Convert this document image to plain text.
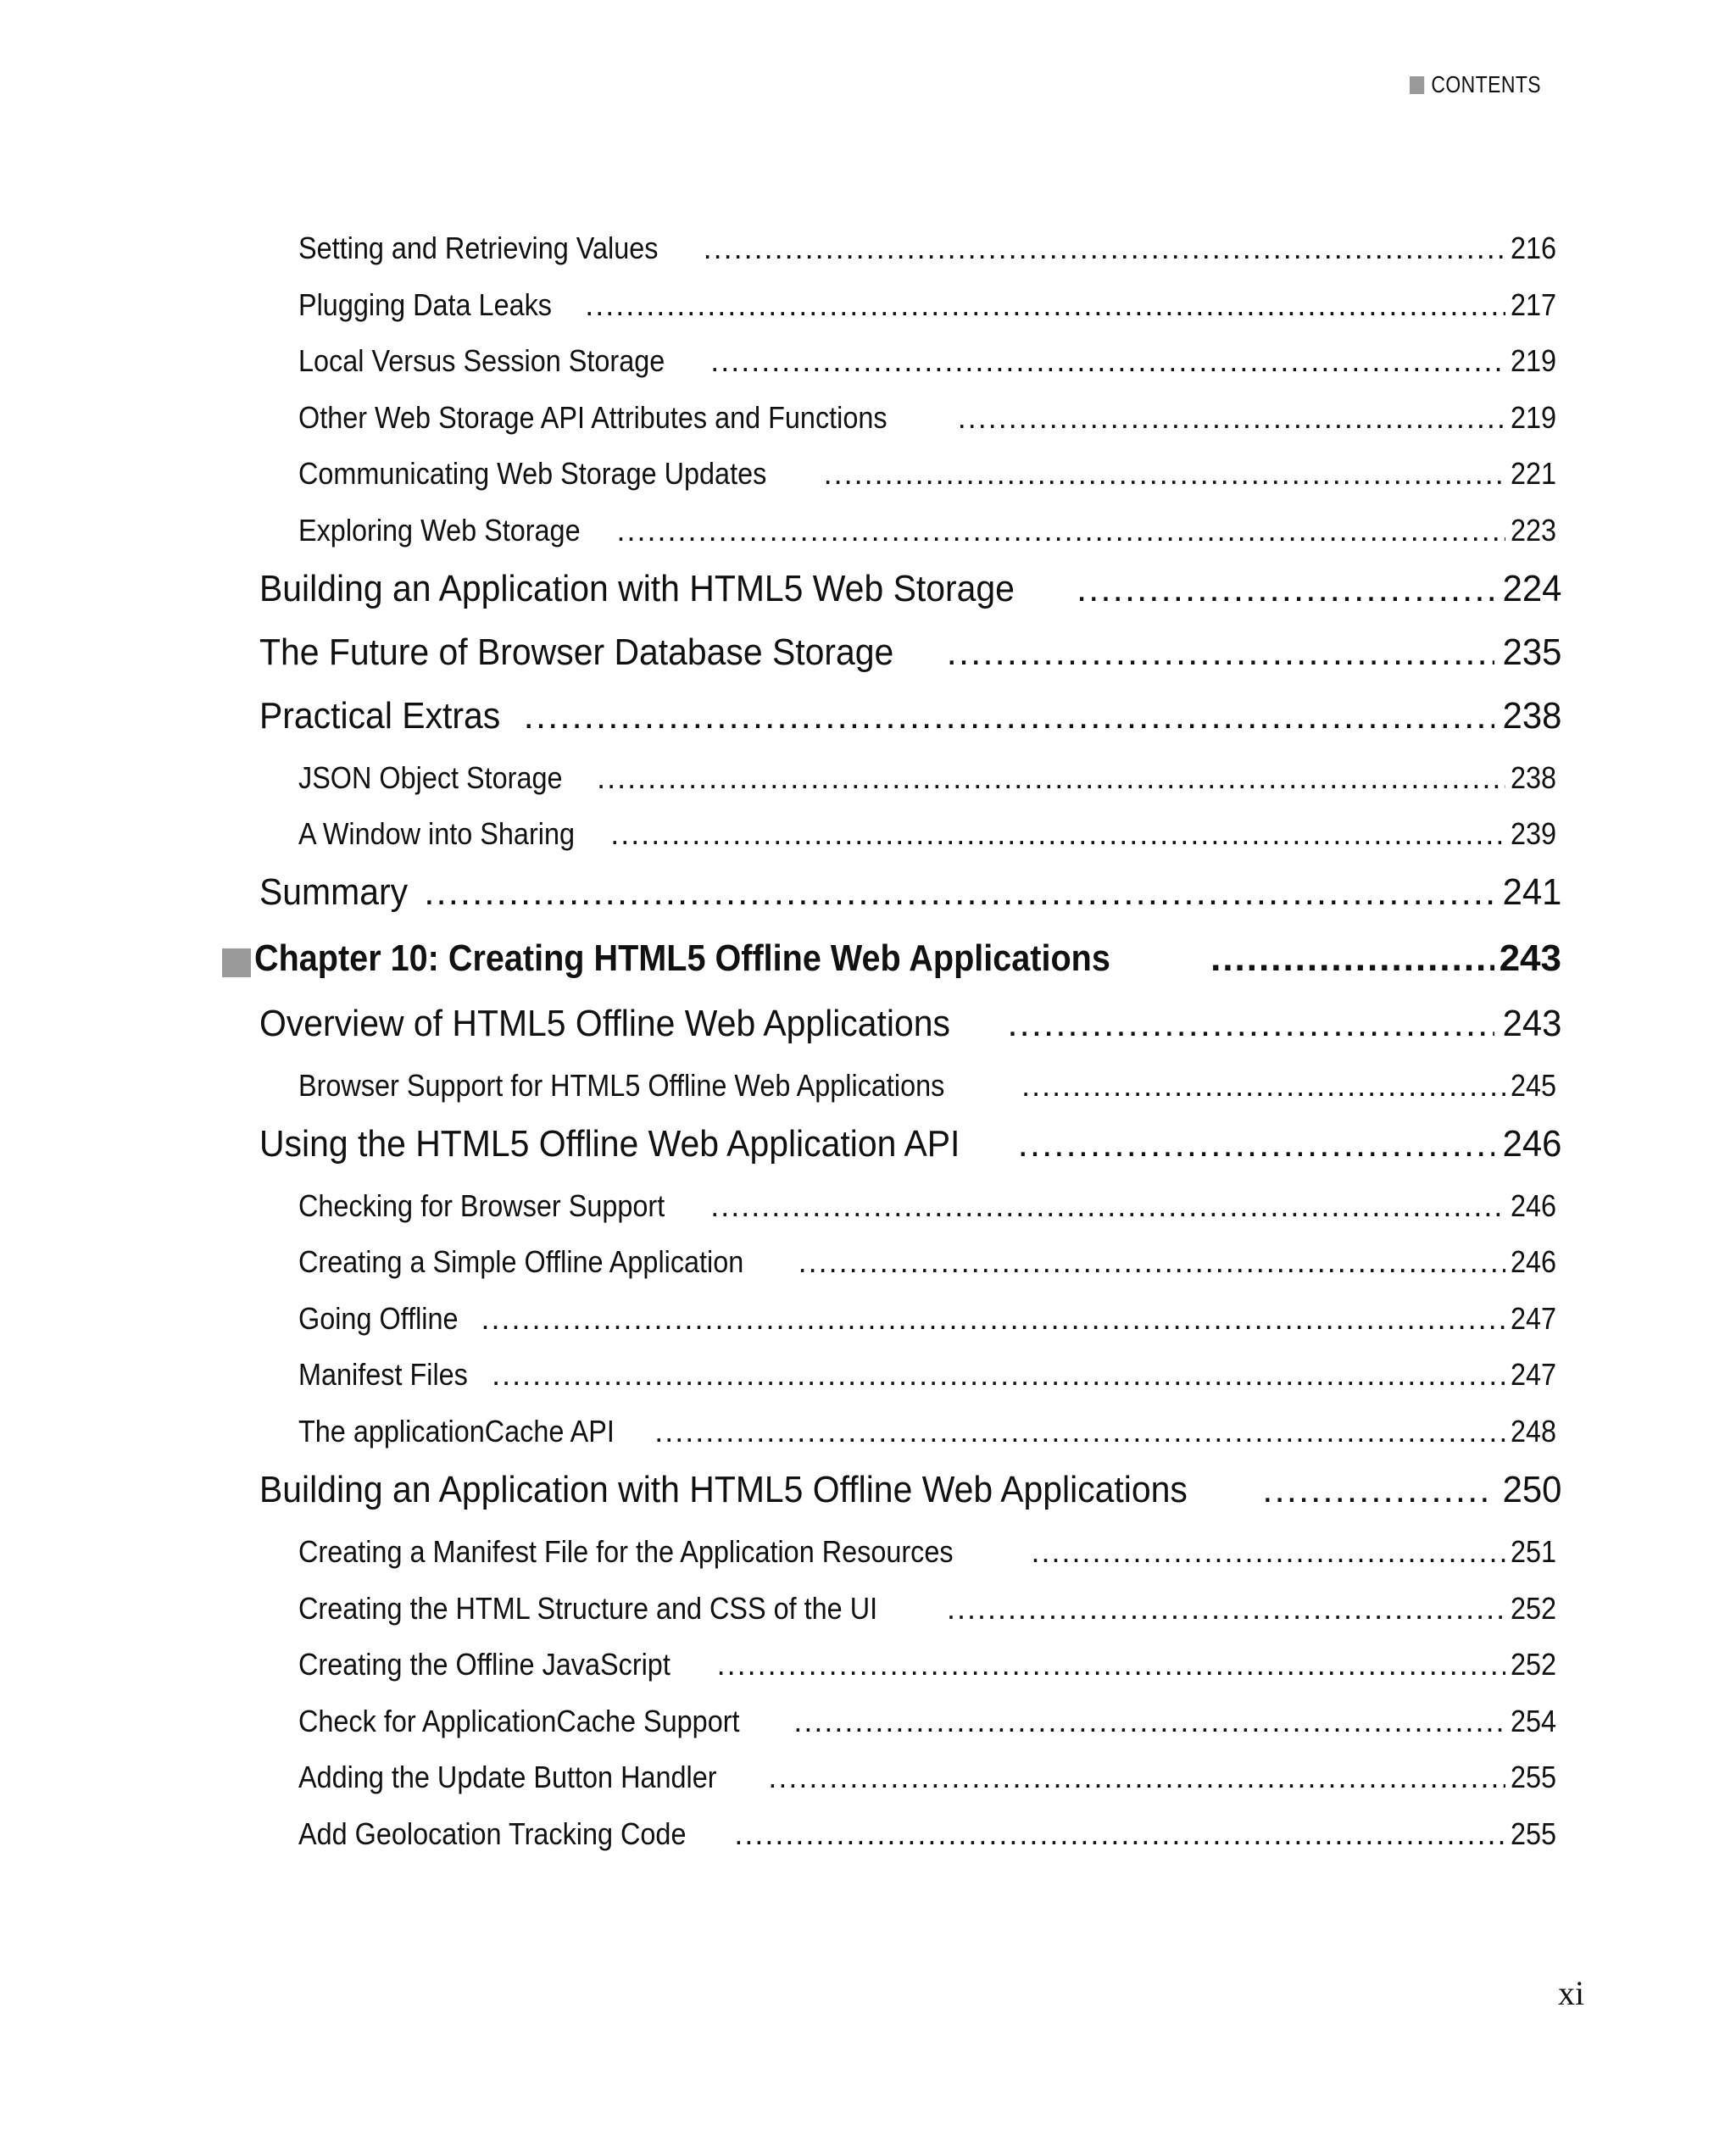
CONTENTS
Setting and Retrieving Values .....	216
Plugging Data Leaks .....	217
Local Versus Session Storage .....	219
Other Web Storage API Attributes and Functions .....	219
Communicating Web Storage Updates .....	221
Exploring Web Storage .....	223
Building an Application with HTML5 Web Storage .....	224
The Future of Browser Database Storage .....	235
Practical Extras .....	238
JSON Object Storage .....	238
A Window into Sharing .....	239
Summary .....	241
Chapter 10: Creating HTML5 Offline Web Applications .....	243
Overview of HTML5 Offline Web Applications .....	243
Browser Support for HTML5 Offline Web Applications .....	245
Using the HTML5 Offline Web Application API .....	246
Checking for Browser Support .....	246
Creating a Simple Offline Application .....	246
Going Offline .....	247
Manifest Files .....	247
The applicationCache API .....	248
Building an Application with HTML5 Offline Web Applications .....	250
Creating a Manifest File for the Application Resources .....	251
Creating the HTML Structure and CSS of the UI .....	252
Creating the Offline JavaScript .....	252
Check for ApplicationCache Support .....	254
Adding the Update Button Handler .....	255
Add Geolocation Tracking Code .....	255
xi
